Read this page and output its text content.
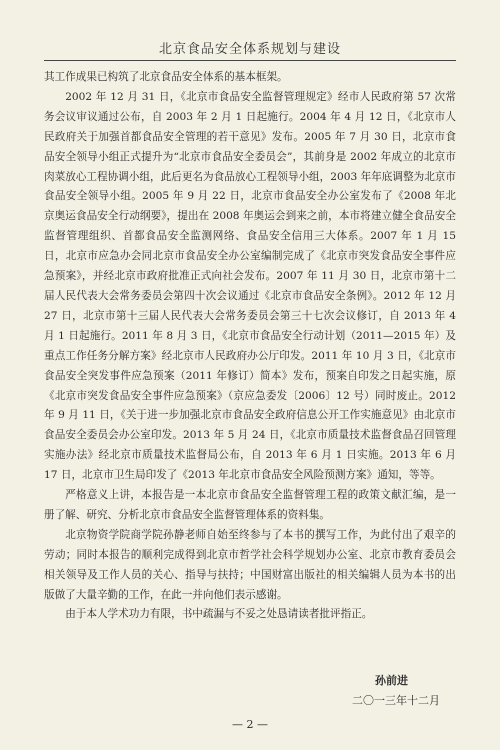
北京食品安全体系规划与建设

其工作成果已构筑了北京食品安全体系的基本框架。

2002 年 12 月 31 日，《北京市食品安全监督管理规定》经市人民政府第 57 次常务会议审议通过公布，自 2003 年 2 月 1 日起施行。2004 年 4 月 12 日，《北京市人民政府关于加强首都食品安全管理的若干意见》发布。2005 年 7 月 30 日，北京市食品安全领导小组正式提升为“北京市食品安全委员会”，其前身是 2002 年成立的北京市肉菜放心工程协调小组，此后更名为食品放心工程领导小组，2003 年年底调整为北京市食品安全领导小组。2005 年 9 月 22 日，北京市食品安全办公室发布了《2008 年北京奥运食品安全行动纲要》，提出在 2008 年奥运会到来之前，本市将建立健全食品安全监督管理组织、首都食品安全监测网络、食品安全信用三大体系。2007 年 1 月 15 日，北京市应急办会同北京市食品安全办公室编制完成了《北京市突发食品安全事件应急预案》，并经北京市政府批准正式向社会发布。2007 年 11 月 30 日，北京市第十二届人民代表大会常务委员会第四十次会议通过《北京市食品安全条例》。2012 年 12 月 27 日，北京市第十三届人民代表大会常务委员会第三十七次会议修订，自 2013 年 4 月 1 日起施行。2011 年 8 月 3 日，《北京市食品安全行动计划（2011—2015 年）及重点工作任务分解方案》经北京市人民政府办公厅印发。2011 年 10 月 3 日，《北京市食品安全突发事件应急预案（2011 年修订）简本》发布，预案自印发之日起实施，原《北京市突发食品安全事件应急预案》（京应急委发〔2006〕12 号）同时废止。2012 年 9 月 11 日，《关于进一步加强北京市食品安全政府信息公开工作实施意见》由北京市食品安全委员会办公室印发。2013 年 5 月 24 日，《北京市质量技术监督食品召回管理实施办法》经北京市质量技术监督局公布，自 2013 年 6 月 1 日实施。2013 年 6 月 17 日，北京市卫生局印发了《2013 年北京市食品安全风险预测方案》通知，等等。

严格意义上讲，本报告是一本北京市食品安全监督管理工程的政策文献汇编，是一册了解、研究、分析北京市食品安全监督管理体系的资料集。

北京物资学院商学院孙静老师自始至终参与了本书的撰写工作，为此付出了艰辛的劳动；同时本报告的顺利完成得到北京市哲学社会科学规划办公室、北京市教育委员会相关领导及工作人员的关心、指导与扶持；中国财富出版社的相关编辑人员为本书的出版做了大量辛勤的工作，在此一并向他们表示感谢。

由于本人学术功力有限，书中疏漏与不妥之处恳请读者批评指正。

孙前进
二〇一三年十二月
— 2 —
